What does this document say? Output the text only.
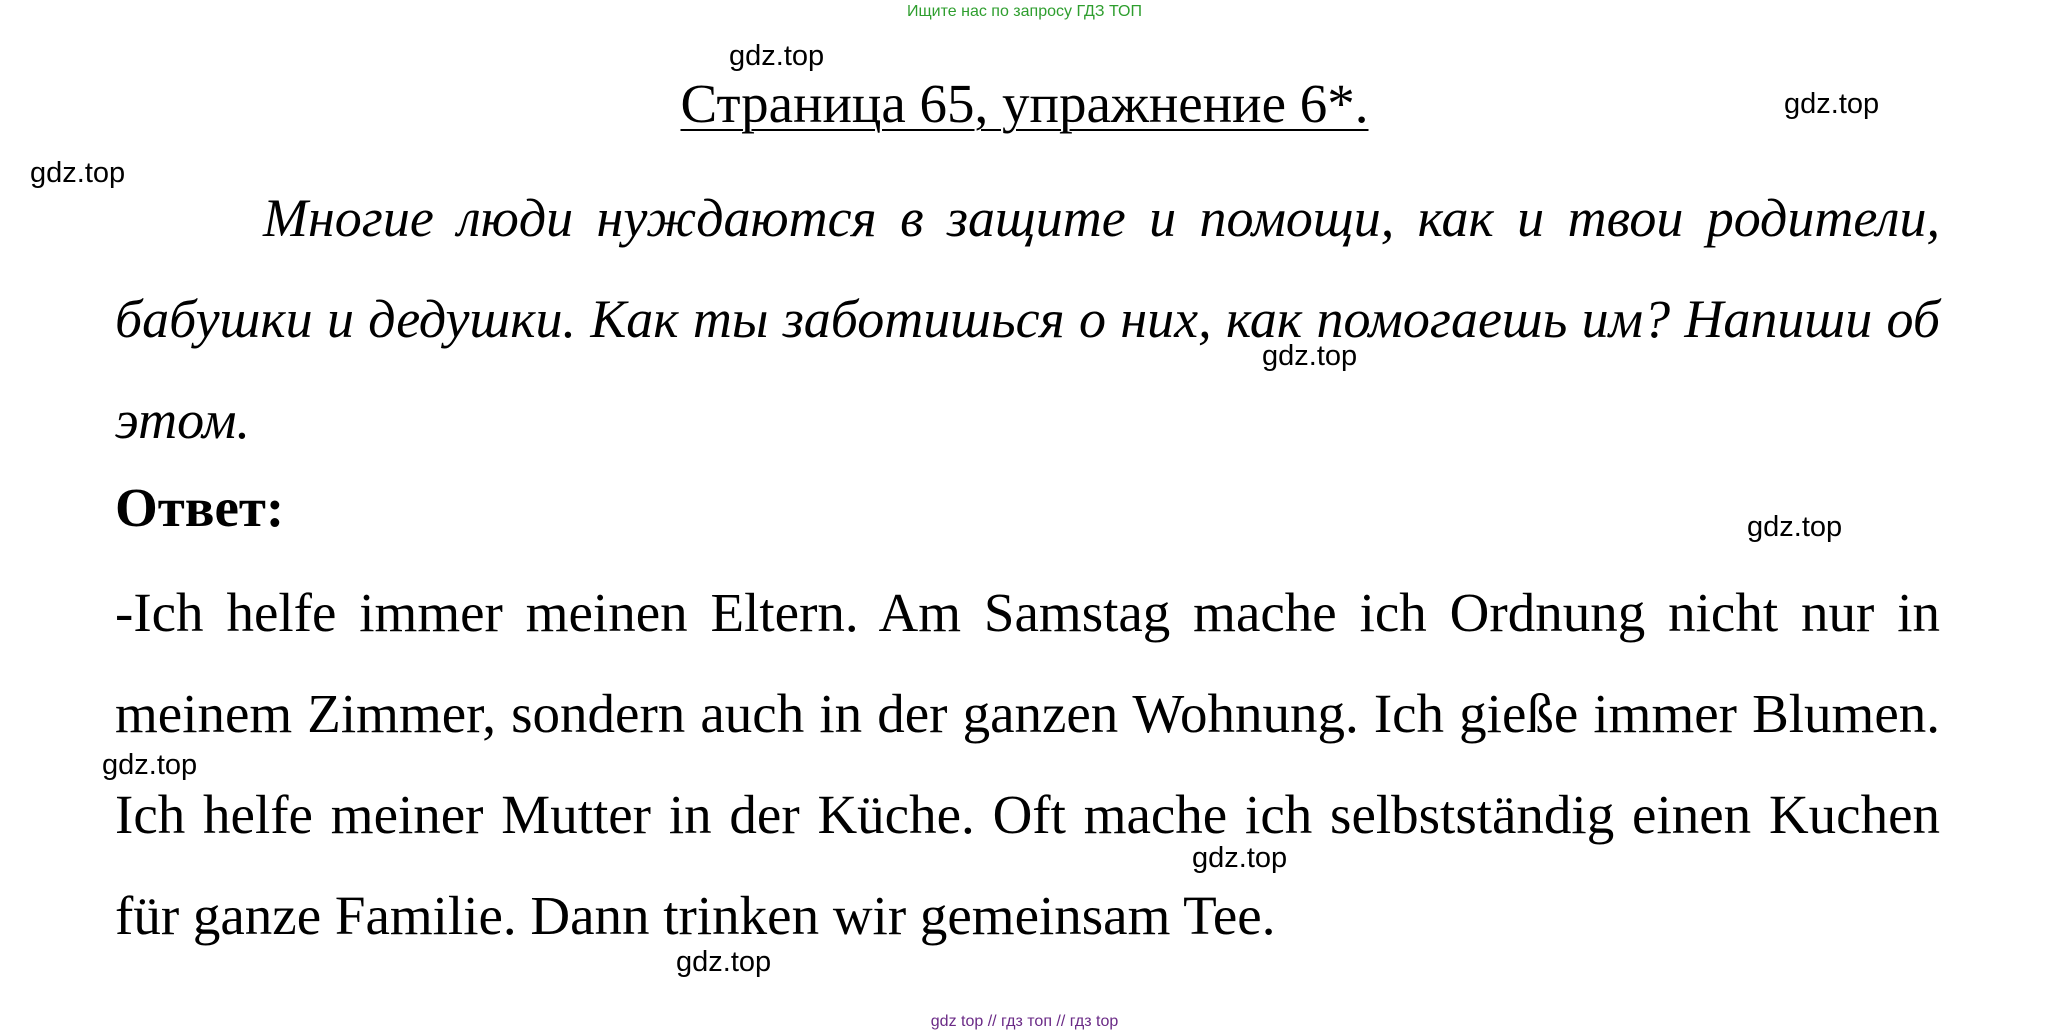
Ищите нас по запросу ГДЗ ТОП
Страница 65, упражнение 6*.

Многие люди нуждаются в защите и помощи, как и твои родители, бабушки и дедушки. Как ты заботишься о них, как помогаешь им? Напиши об этом.

Ответ:

-Ich helfe immer meinen Eltern. Am Samstag mache ich Ordnung nicht nur in meinem Zimmer, sondern auch in der ganzen Wohnung. Ich gieße immer Blumen. Ich helfe meiner Mutter in der Küche. Oft mache ich selbstständig einen Kuchen für ganze Familie. Dann trinken wir gemeinsam Tee.

gdz.top
gdz.top
gdz.top
gdz.top
gdz.top
gdz.top
gdz.top
gdz.top
gdz top // гдз топ // гдз top
